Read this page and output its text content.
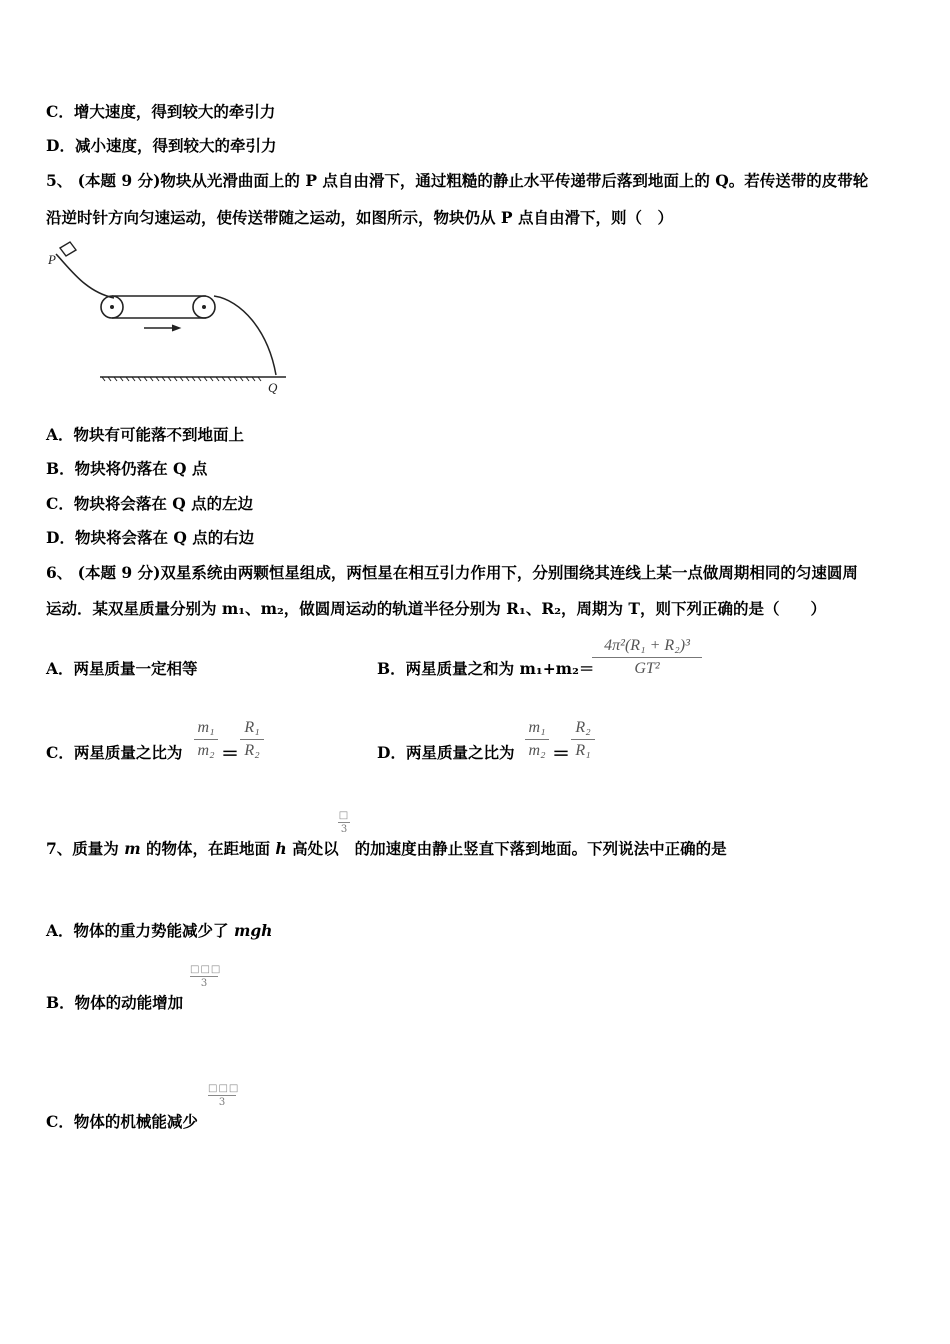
C．增大速度，得到较大的牵引力
D．减小速度，得到较大的牵引力
5、 (本题 9 分)物块从光滑曲面上的 P 点自由滑下，通过粗糙的静止水平传递带后落到地面上的 Q。若传送带的皮带轮
沿逆时针方向匀速运动，使传送带随之运动，如图所示，物块仍从 P 点自由滑下，则（　）
P
Q
A．物块有可能落不到地面上
B．物块将仍落在 Q 点
C．物块将会落在 Q 点的左边
D．物块将会落在 Q 点的右边
6、 (本题 9 分)双星系统由两颗恒星组成，两恒星在相互引力作用下，分别围绕其连线上某一点做周期相同的匀速圆周
运动．某双星质量分别为 m₁、m₂，做圆周运动的轨道半径分别为 R₁、R₂，周期为 T，则下列正确的是（　　）
A．两星质量一定相等	B．两星质量之和为 m₁+m₂＝
4π²(R₁ + R₂)³
GT²
C．两星质量之比为
m₁
m₂ ＝
R₁
R₂	D．两星质量之比为
m₁
m₂ ＝
R₂
R₁
□
3
7、质量为 m 的物体，在距地面 h 高处以 的加速度由静止竖直下落到地面。下列说法中正确的是
A．物体的重力势能减少了 mgh
□□□
3
B．物体的动能增加
□□□
3
C．物体的机械能减少
